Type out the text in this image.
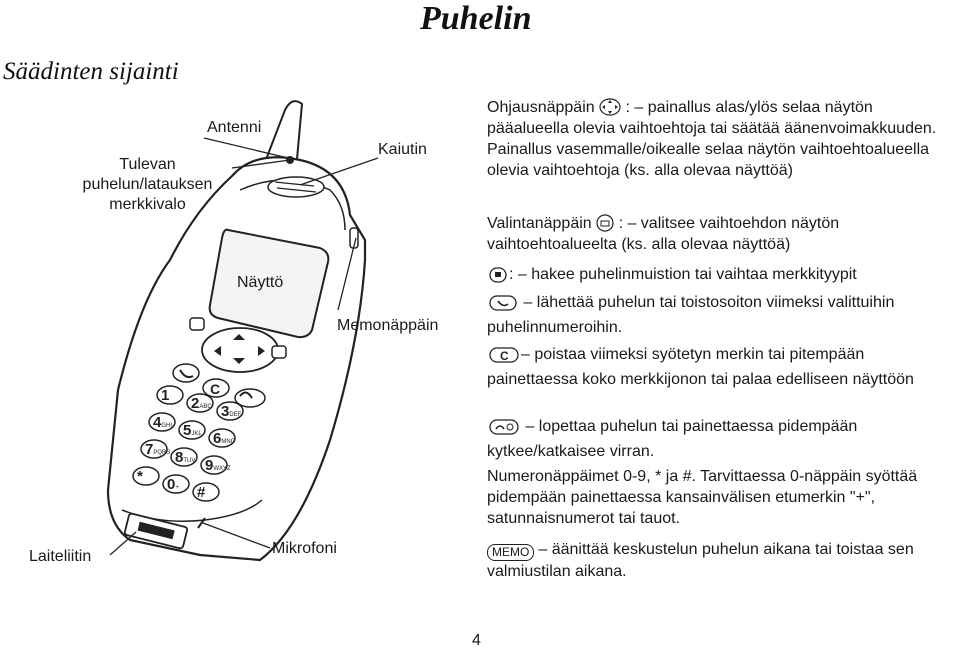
Puhelin
Säädinten sijainti
C
1 2ABC 3DEF
4GHI 5JKL 6MNO
7PQRS 8TUV 9WXYZ
* 0+ #
Antenni
Kaiutin
Tulevan puhelun/latauksen merkkivalo
Näyttö
Memonäppäin
Laiteliitin	Mikrofoni

Ohjausnäppäin  : – painallus alas/ylös selaa näytön pääalueella olevia vaihtoehtoja tai säätää äänenvoimakkuuden. Painallus vasemmalle/oikealle selaa näytön vaihtoehtoalueella olevia vaihtoehtoja (ks. alla olevaa näyttöä)

Valintanäppäin  : – valitsee vaihtoehdon näytön vaihtoehtoalueelta (ks. alla olevaa näyttöä)

: – hakee puhelinmuistion tai vaihtaa merkkityypit

– lähettää puhelun tai toistosoiton viimeksi valittuihin puhelinnumeroihin.

C – poistaa viimeksi syötetyn merkin tai pitempään painettaessa koko merkkijonon tai palaa edelliseen näyttöön

– lopettaa puhelun tai painettaessa pidempään kytkee/katkaisee virran.

Numeronäppäimet 0-9, * ja #. Tarvittaessa 0-näppäin syöttää pidempään painettaessa kansainvälisen etumerkin "+", satunnaisnumerot tai tauot.

MEMO – äänittää keskustelun puhelun aikana tai toistaa sen valmiustilan aikana.

4
